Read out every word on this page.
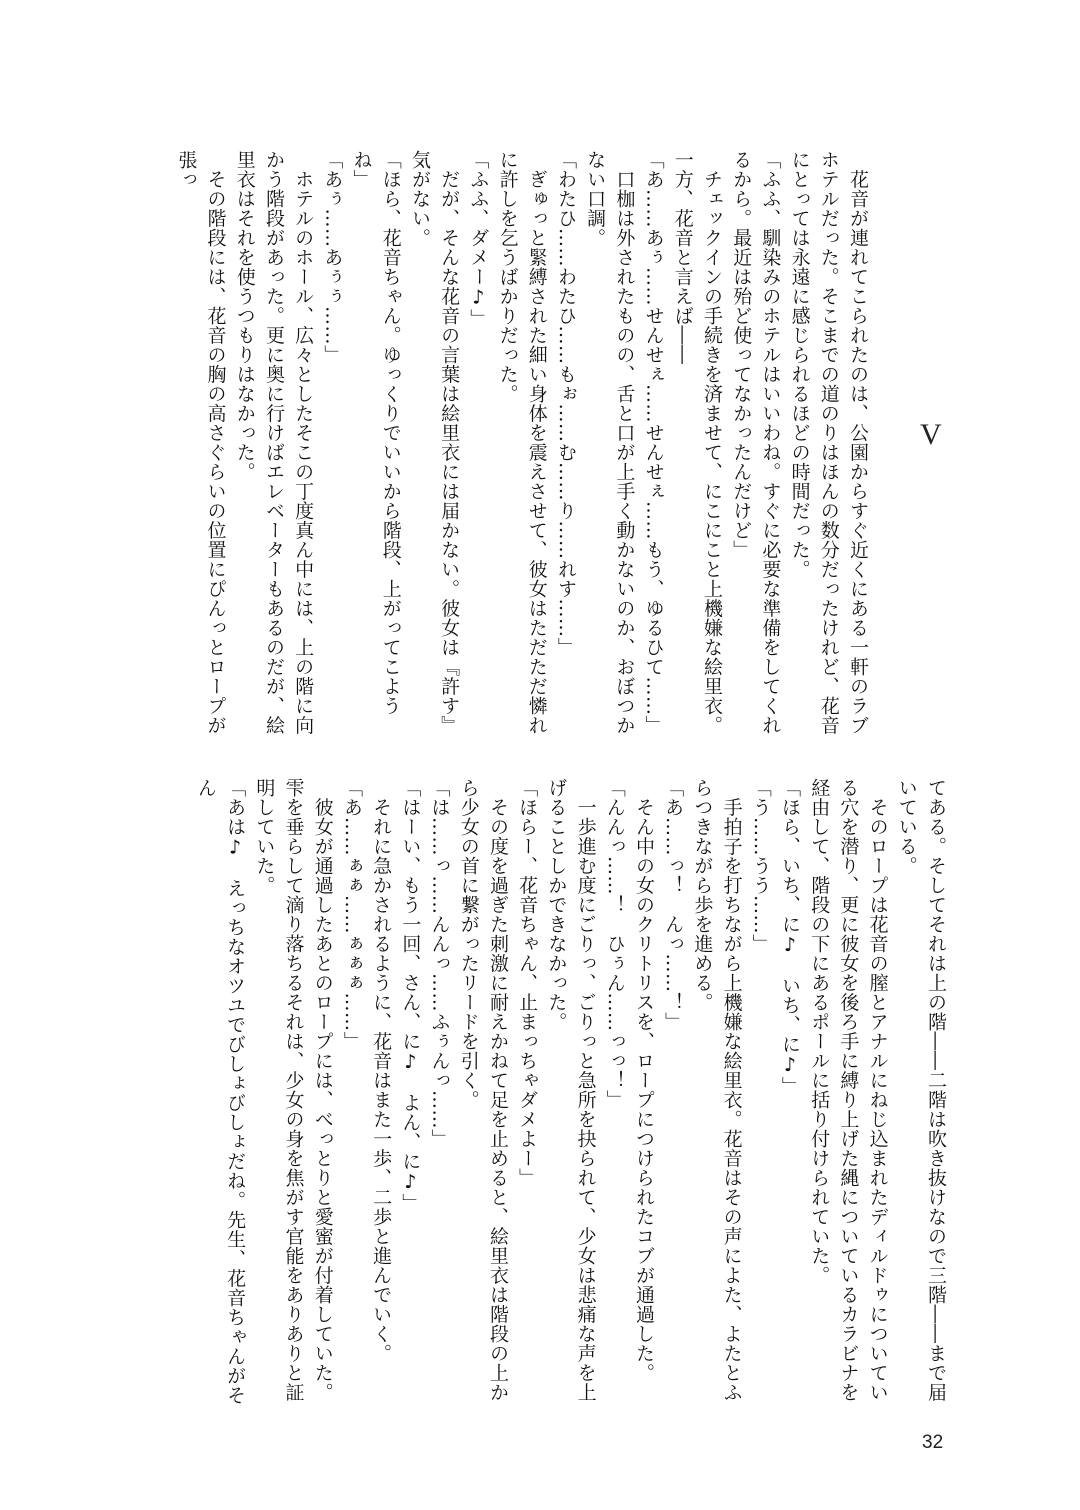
V

　花音が連れてこられたのは、公園からすぐ近くにある一軒のラブホテルだった。そこまでの道のりはほんの数分だったけれど、花音にとっては永遠に感じられるほどの時間だった。

「ふふ、馴染みのホテルはいいわね。すぐに必要な準備をしてくれるから。最近は殆ど使ってなかったんだけど」

　チェックインの手続きを済ませて、にこにこと上機嫌な絵里衣。一方、花音と言えば――

「あ……あぅ……せんせぇ……せんせぇ……もう、ゆるひて……」

　口枷は外されたものの、舌と口が上手く動かないのか、おぼつかない口調。

「わたひ……わたひ……もぉ……む……り……れす……」

　ぎゅっと緊縛された細い身体を震えさせて、彼女はただただ憐れに許しを乞うばかりだった。

「ふふ、ダメー♪」

　だが、そんな花音の言葉は絵里衣には届かない。彼女は『許す』気がない。

「ほら、花音ちゃん。ゆっくりでいいから階段、上がってこようね」

「あぅ……あぅぅ……」

　ホテルのホール、広々としたそこの丁度真ん中には、上の階に向かう階段があった。更に奥に行けばエレベーターもあるのだが、絵里衣はそれを使うつもりはなかった。

　その階段には、花音の胸の高さぐらいの位置にぴんっとロープが張っ

てある。そしてそれは上の階――二階は吹き抜けなので三階――まで届いている。

　そのロープは花音の膣とアナルにねじ込まれたディルドゥについている穴を潜り、更に彼女を後ろ手に縛り上げた縄についているカラビナを経由して、階段の下にあるポールに括り付けられていた。

「ほら、いち、に♪　いち、に♪」

「う……うう……」

　手拍子を打ちながら上機嫌な絵里衣。花音はその声によた、よたとふらつきながら歩を進める。

「あ……っ！　んっ……！」

　そん中の女のクリトリスを、ロープにつけられたコブが通過した。

「んんっ……！　ひぅん……っっ！」

　一歩進む度にごりっ、ごりっと急所を抉られて、少女は悲痛な声を上げることしかできなかった。

「ほらー、花音ちゃん、止まっちゃダメよー」

　その度を過ぎた刺激に耐えかねて足を止めると、絵里衣は階段の上から少女の首に繋がったリードを引く。

「は……っ……んんっ……ふぅんっ……」

「はーい、もう一回、さん、に♪　よん、に♪」

　それに急かされるように、花音はまた一歩、二歩と進んでいく。

「あ……ぁぁ……ぁぁぁ……」

　彼女が通過したあとのロープには、べっとりと愛蜜が付着していた。雫を垂らして滴り落ちるそれは、少女の身を焦がす官能をありありと証明していた。

「あは♪　えっちなオツユでびしょびしょだね。先生、花音ちゃんがそん

32
